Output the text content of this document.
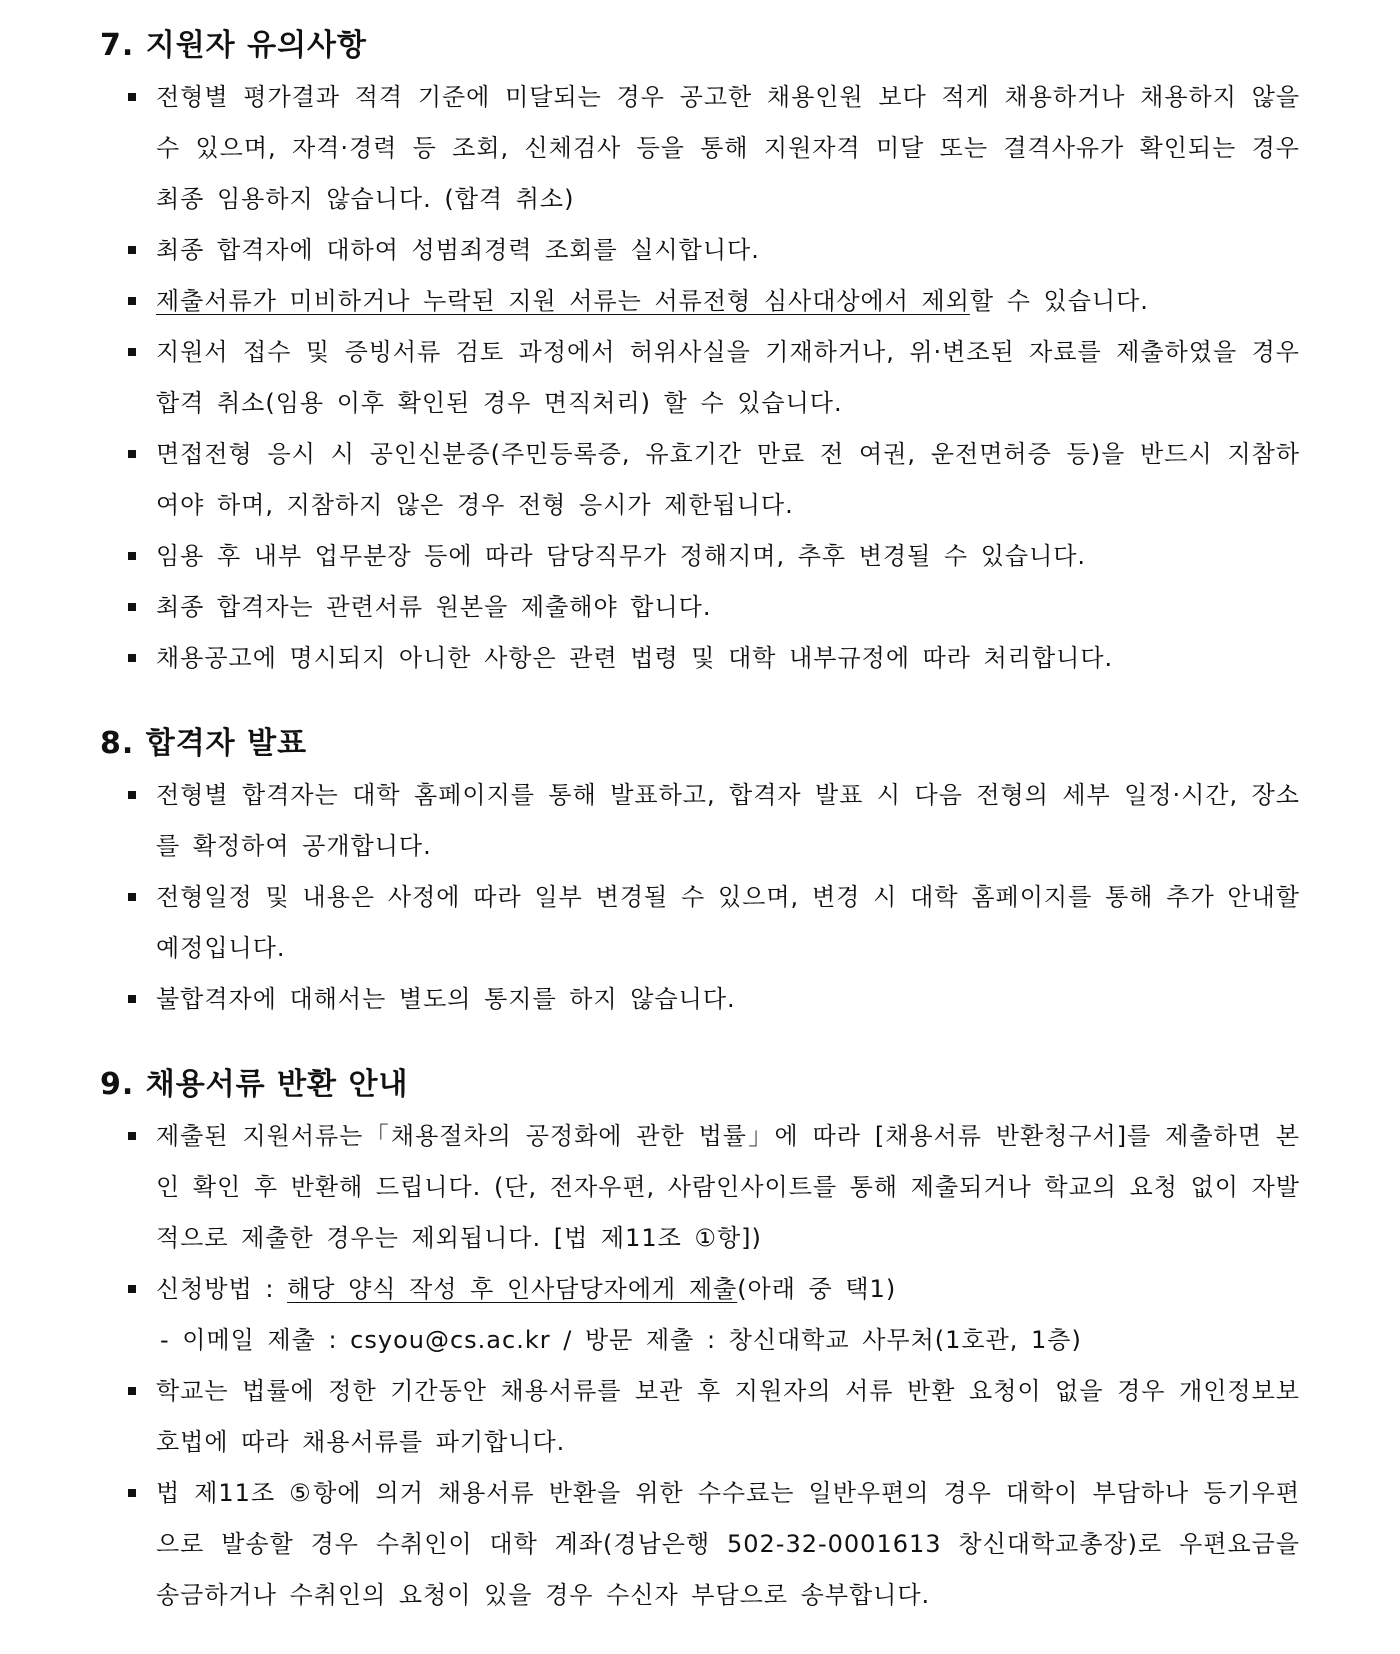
7. 지원자 유의사항
전형별 평가결과 적격 기준에 미달되는 경우 공고한 채용인원 보다 적게 채용하거나 채용하지 않을 수 있으며, 자격·경력 등 조회, 신체검사 등을 통해 지원자격 미달 또는 결격사유가 확인되는 경우 최종 임용하지 않습니다. (합격 취소)
최종 합격자에 대하여 성범죄경력 조회를 실시합니다.
제출서류가 미비하거나 누락된 지원 서류는 서류전형 심사대상에서 제외할 수 있습니다.
지원서 접수 및 증빙서류 검토 과정에서 허위사실을 기재하거나, 위·변조된 자료를 제출하였을 경우 합격 취소(임용 이후 확인된 경우 면직처리) 할 수 있습니다.
면접전형 응시 시 공인신분증(주민등록증, 유효기간 만료 전 여권, 운전면허증 등)을 반드시 지참하여야 하며, 지참하지 않은 경우 전형 응시가 제한됩니다.
임용 후 내부 업무분장 등에 따라 담당직무가 정해지며, 추후 변경될 수 있습니다.
최종 합격자는 관련서류 원본을 제출해야 합니다.
채용공고에 명시되지 아니한 사항은 관련 법령 및 대학 내부규정에 따라 처리합니다.
8. 합격자 발표
전형별 합격자는 대학 홈페이지를 통해 발표하고, 합격자 발표 시 다음 전형의 세부 일정·시간, 장소를 확정하여 공개합니다.
전형일정 및 내용은 사정에 따라 일부 변경될 수 있으며, 변경 시 대학 홈페이지를 통해 추가 안내할 예정입니다.
불합격자에 대해서는 별도의 통지를 하지 않습니다.
9. 채용서류 반환 안내
제출된 지원서류는「채용절차의 공정화에 관한 법률」에 따라 [채용서류 반환청구서]를 제출하면 본인 확인 후 반환해 드립니다. (단, 전자우편, 사람인사이트를 통해 제출되거나 학교의 요청 없이 자발적으로 제출한 경우는 제외됩니다. [법 제11조 ①항])
신청방법 : 해당 양식 작성 후 인사담당자에게 제출(아래 중 택1)
- 이메일 제출 : csyou@cs.ac.kr / 방문 제출 : 창신대학교 사무처(1호관, 1층)
학교는 법률에 정한 기간동안 채용서류를 보관 후 지원자의 서류 반환 요청이 없을 경우 개인정보보호법에 따라 채용서류를 파기합니다.
법 제11조 ⑤항에 의거 채용서류 반환을 위한 수수료는 일반우편의 경우 대학이 부담하나 등기우편으로 발송할 경우 수취인이 대학 계좌(경남은행 502-32-0001613 창신대학교총장)로 우편요금을 송금하거나 수취인의 요청이 있을 경우 수신자 부담으로 송부합니다.
